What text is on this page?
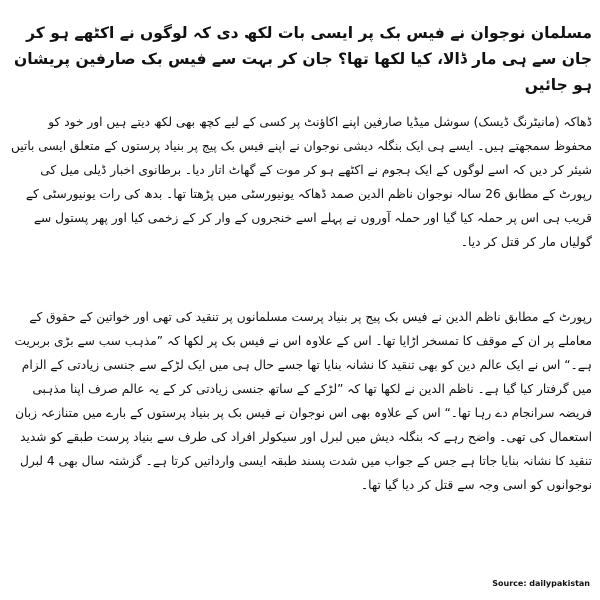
مسلمان نوجوان نے فیس بک پر ایسی بات لکھ دی کہ لوگوں نے اکٹھے ہو کر جان سے ہی مار ڈالا، کیا لکھا تھا؟ جان کر بہت سے فیس بک صارفین پریشان ہو جائیں
ڈھاکہ (مانیٹرنگ ڈیسک) سوشل میڈیا صارفین اپنے اکاﺅنٹ پر کسی کے لیے کچھ بھی لکھ دیتے ہیں اور خود کو محفوظ سمجھتے ہیں۔ ایسے ہی ایک بنگلہ دیشی نوجوان نے اپنے فیس بک پیج پر بنیاد پرستوں کے متعلق ایسی باتیں شیئر کر دیں کہ اسے لوگوں کے ایک ہجوم نے اکٹھے ہو کر موت کے گھاٹ اتار دیا۔ برطانوی اخبار ڈیلی میل کی رپورٹ کے مطابق 26 سالہ نوجوان ناظم الدین صمد ڈھاکہ یونیورسٹی میں پڑھتا تھا۔ بدھ کی رات یونیورسٹی کے قریب ہی اس پر حملہ کیا گیا اور حملہ آوروں نے پہلے اسے خنجروں کے وار کر کے زخمی کیا اور پھر پستول سے گولیاں مار کر قتل کر دیا۔
رپورٹ کے مطابق ناظم الدین نے فیس بک پیج پر بنیاد پرست مسلمانوں پر تنقید کی تھی اور خواتین کے حقوق کے معاملے پر ان کے موقف کا تمسخر اڑایا تھا۔ اس کے علاوہ اس نے فیس بک پر لکھا کہ ”مذہب سب سے بڑی بربریت ہے۔“ اس نے ایک عالم دین کو بھی تنقید کا نشانہ بنایا تھا جسے حال ہی میں ایک لڑکے سے جنسی زیادتی کے الزام میں گرفتار کیا گیا ہے۔ ناظم الدین نے لکھا تھا کہ ”لڑکے کے ساتھ جنسی زیادتی کر کے یہ عالم صرف اپنا مذہبی فریضہ سرانجام دے رہا تھا۔“ اس کے علاوہ بھی اس نوجوان نے فیس بک پر بنیاد پرستوں کے بارے میں متنازعہ زبان استعمال کی تھی۔ واضح رہے کہ بنگلہ دیش میں لبرل اور سیکولر افراد کی طرف سے بنیاد پرست طبقے کو شدید تنقید کا نشانہ بنایا جاتا ہے جس کے جواب میں شدت پسند طبقہ ایسی وارداتیں کرتا ہے۔ گزشتہ سال بھی 4 لبرل نوجوانوں کو اسی وجہ سے قتل کر دیا گیا تھا۔
Source: dailypakistan
